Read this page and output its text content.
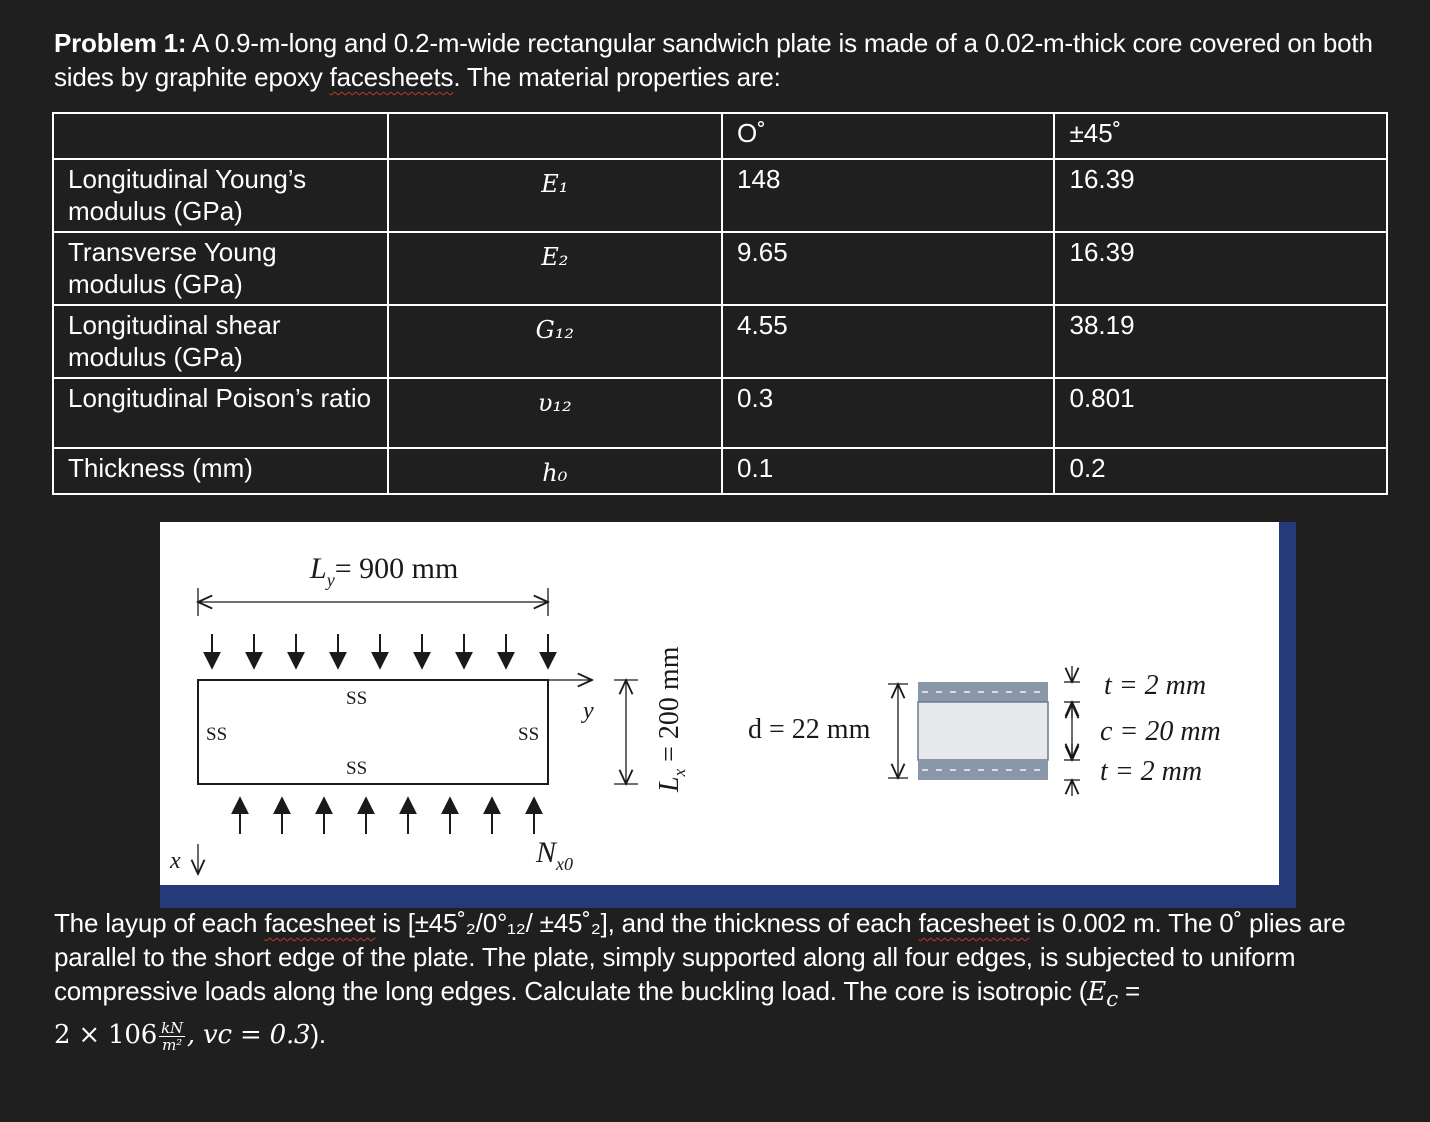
Problem 1: A 0.9-m-long and 0.2-m-wide rectangular sandwich plate is made of a 0.02-m-thick core covered on both sides by graphite epoxy facesheets. The material properties are:
		O˚	±45˚
Longitudinal Young’s modulus (GPa)	E₁	148	16.39
Transverse Young modulus (GPa)	E₂	9.65	16.39
Longitudinal shear modulus (GPa)	G₁₂	4.55	38.19
Longitudinal Poison’s ratio	υ₁₂	0.3	0.801
Thickness (mm)	h₀	0.1	0.2
$L_y= 900$ mm
SS
SS
SS	SS
y
x	$N_{x0}$
$L_x = 200$ mm d = 22 mm
t = 2 mm
c = 20 mm
t = 2 mm
The layup of each facesheet is [±45˚₂/0°₁₂/ ±45˚₂], and the thickness of each facesheet is 0.002 m. The 0˚ plies are parallel to the short edge of the plate. The plate, simply supported along all four edges, is subjected to uniform compressive loads along the long edges. Calculate the buckling load. The core is isotropic ($E_c$ =
$2 \times 106 \frac{kN}{\text{m²}}$ , vc = 0.3).
